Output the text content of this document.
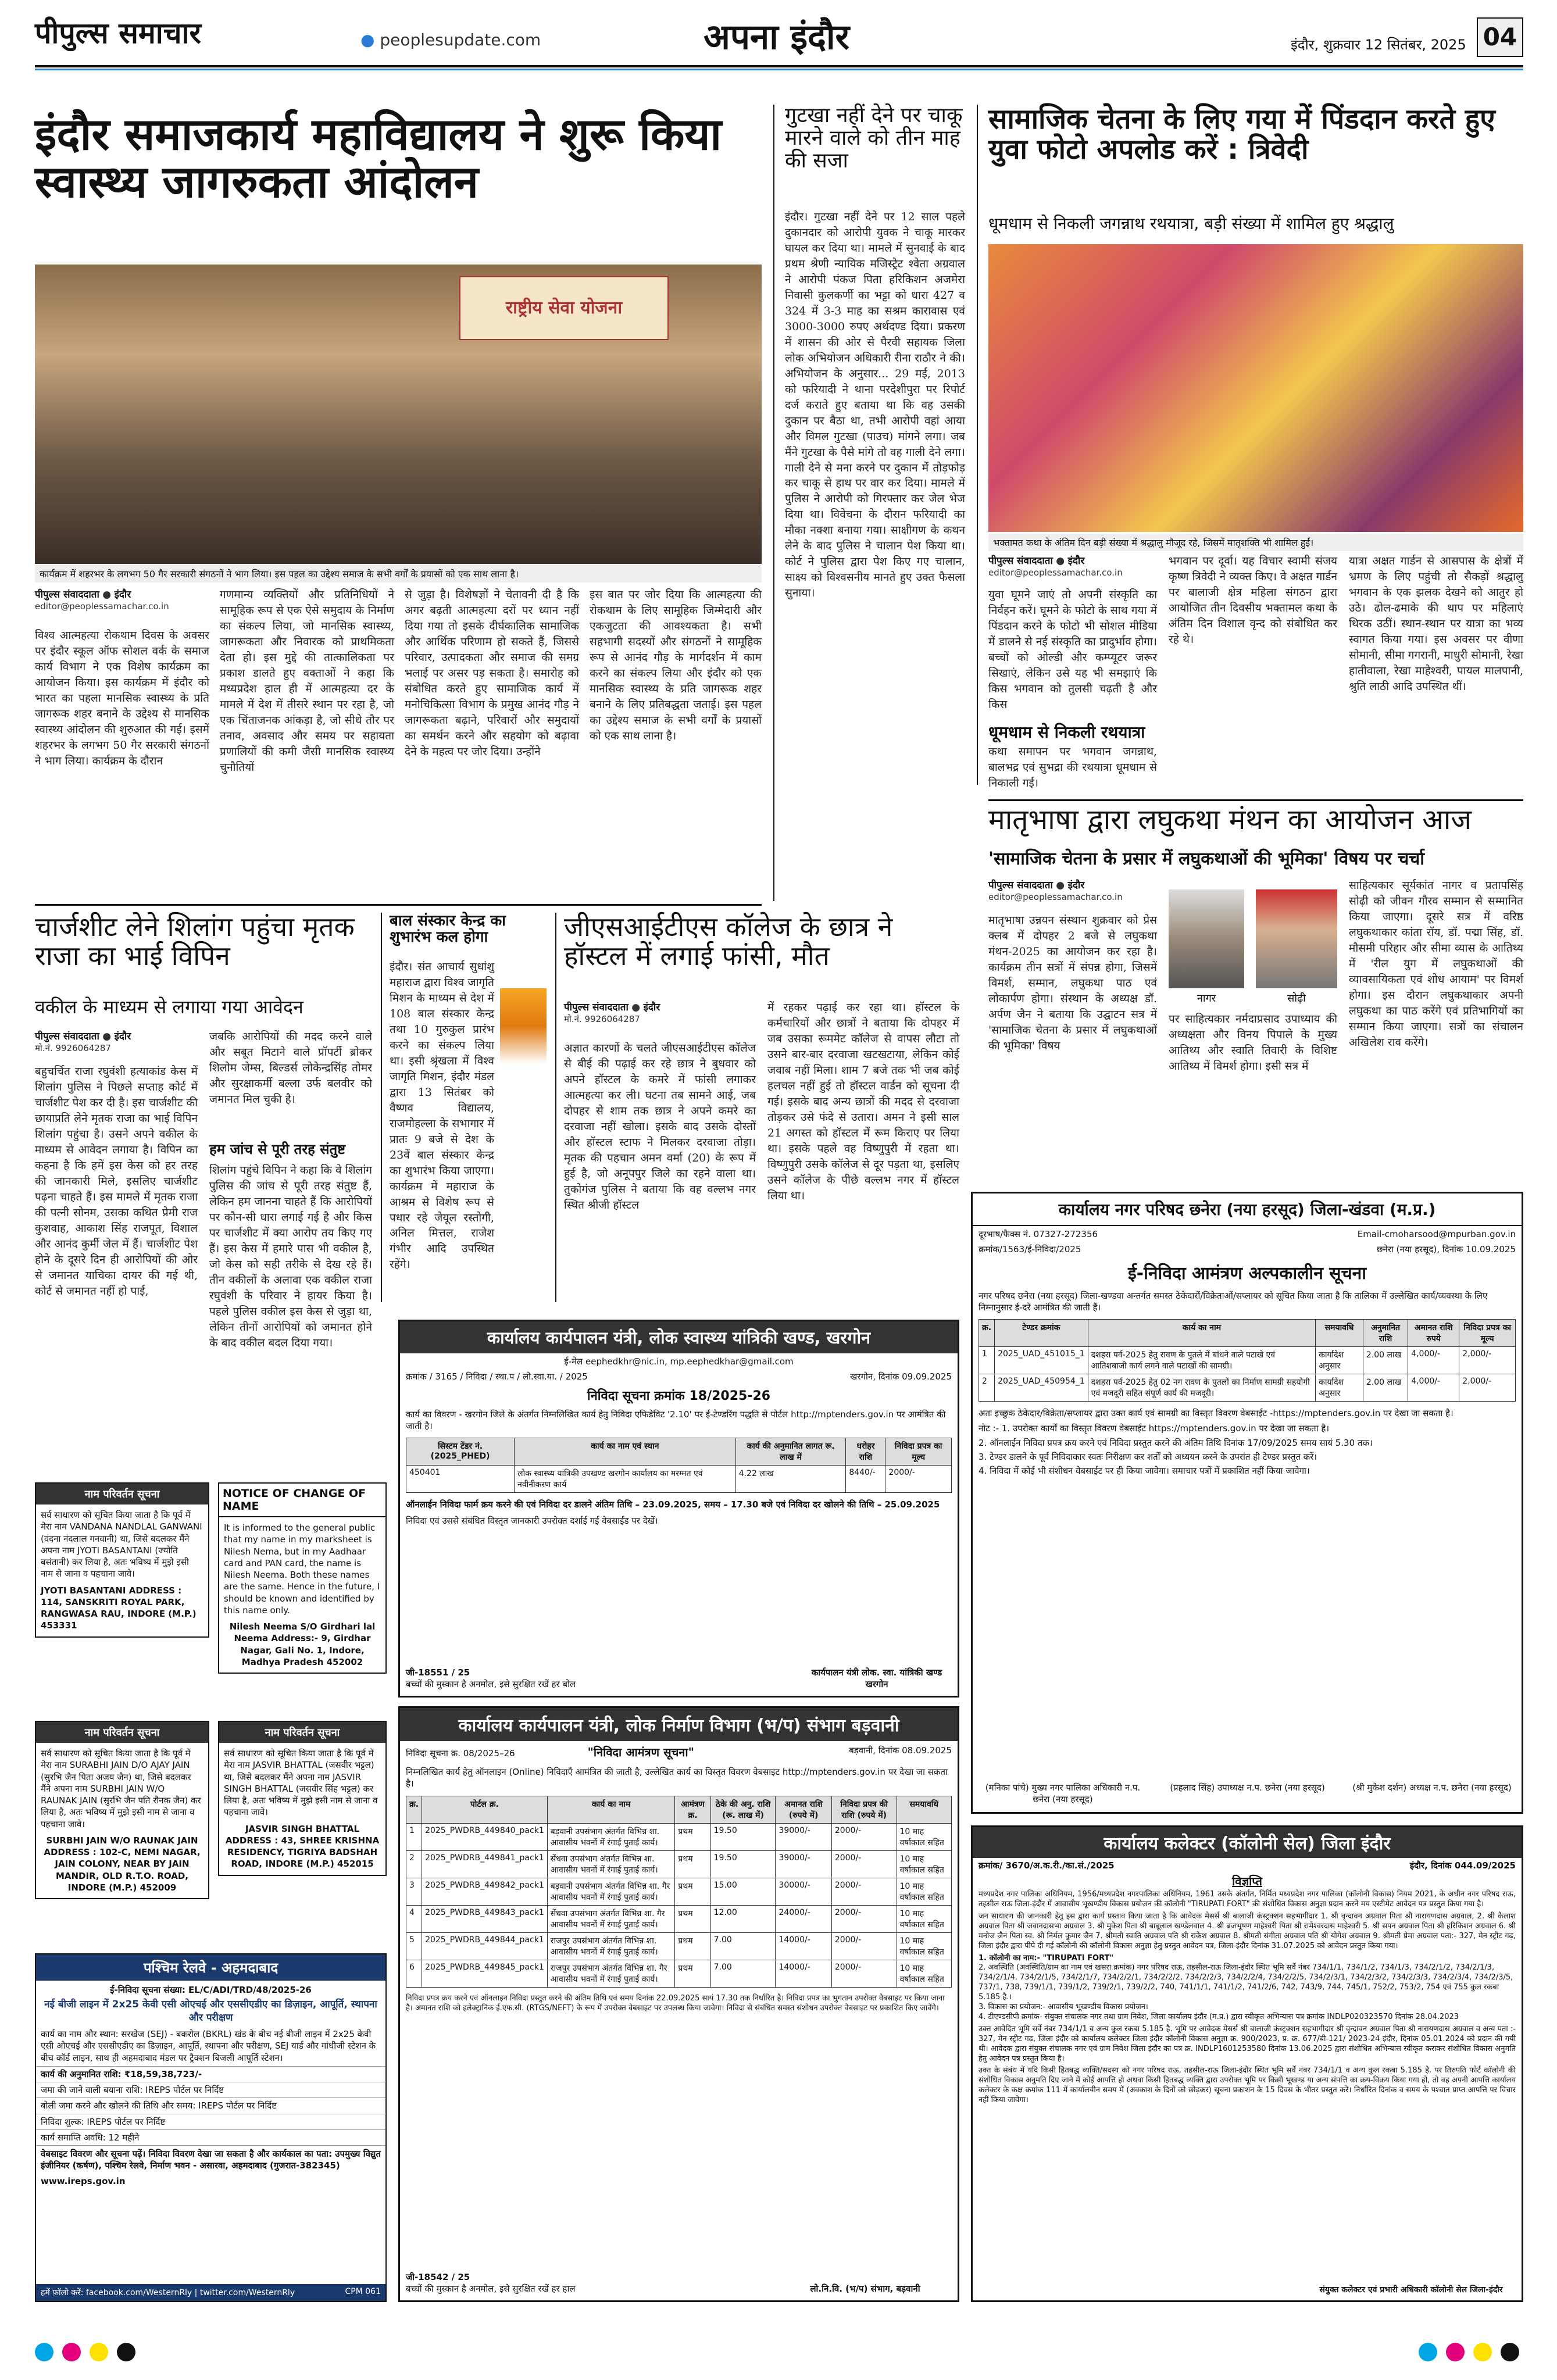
पीपुल्स समाचार	● peoplesupdate.com	अपना इंदौर	इंदौर, शुक्रवार 12 सितंबर, 2025 04
इंदौर समाजकार्य महाविद्यालय ने शुरू किया स्वास्थ्य जागरुकता आंदोलन
राष्ट्रीय सेवा योजना
कार्यक्रम में शहरभर के लगभग 50 गैर सरकारी संगठनों ने भाग लिया। इस पहल का उद्देश्य समाज के सभी वर्गों के प्रयासों को एक साथ लाना है।
पीपुल्स संवाददाता ● इंदौर
editor@peoplessamachar.co.in
विश्व आत्महत्या रोकथाम दिवस के अवसर पर इंदौर स्कूल ऑफ सोशल वर्क के समाज कार्य विभाग ने एक विशेष कार्यक्रम का आयोजन किया। इस कार्यक्रम में इंदौर को भारत का पहला मानसिक स्वास्थ्य के प्रति जागरूक शहर बनाने के उद्देश्य से मानसिक स्वास्थ्य आंदोलन की शुरुआत की गई। इसमें शहरभर के लगभग 50 गैर सरकारी संगठनों ने भाग लिया। कार्यक्रम के दौरान
गणमान्य व्यक्तियों और प्रतिनिधियों ने सामूहिक रूप से एक ऐसे समुदाय के निर्माण का संकल्प लिया, जो मानसिक स्वास्थ्य, जागरूकता और निवारक को प्राथमिकता देता हो। इस मुद्दे की तात्कालिकता पर प्रकाश डालते हुए वक्ताओं ने कहा कि मध्यप्रदेश हाल ही में आत्महत्या दर के मामले में देश में तीसरे स्थान पर रहा है, जो एक चिंताजनक आंकड़ा है, जो सीधे तौर पर तनाव, अवसाद और समय पर सहायता प्रणालियों की कमी जैसी मानसिक स्वास्थ्य चुनौतियों
से जुड़ा है। विशेषज्ञों ने चेतावनी दी है कि अगर बढ़ती आत्महत्या दरों पर ध्यान नहीं दिया गया तो इसके दीर्घकालिक सामाजिक और आर्थिक परिणाम हो सकते हैं, जिससे परिवार, उत्पादकता और समाज की समग्र भलाई पर असर पड़ सकता है। समारोह को संबोधित करते हुए सामाजिक कार्य में मनोचिकित्सा विभाग के प्रमुख आनंद गौड़ ने जागरूकता बढ़ाने, परिवारों और समुदायों का समर्थन करने और सहयोग को बढ़ावा देने के महत्व पर जोर दिया। उन्होंने
इस बात पर जोर दिया कि आत्महत्या की रोकथाम के लिए सामूहिक जिम्मेदारी और एकजुटता की आवश्यकता है। सभी सहभागी सदस्यों और संगठनों ने सामूहिक रूप से आनंद गौड़ के मार्गदर्शन में काम करने का संकल्प लिया और इंदौर को एक मानसिक स्वास्थ्य के प्रति जागरूक शहर बनाने के लिए प्रतिबद्धता जताई। इस पहल का उद्देश्य समाज के सभी वर्गों के प्रयासों को एक साथ लाना है।
गुटखा नहीं देने पर चाकू मारने वाले को तीन माह की सजा
इंदौर। गुटखा नहीं देने पर 12 साल पहले दुकानदार को आरोपी युवक ने चाकू मारकर घायल कर दिया था। मामले में सुनवाई के बाद प्रथम श्रेणी न्यायिक मजिस्ट्रेट श्वेता अग्रवाल ने आरोपी पंकज पिता हरिकिशन अजमेरा निवासी कुलकर्णी का भट्टा को धारा 427 व 324 में 3-3 माह का सश्रम कारावास एवं 3000-3000 रुपए अर्थदण्ड दिया। प्रकरण में शासन की ओर से पैरवी सहायक जिला लोक अभियोजन अधिकारी रीना राठौर ने की। अभियोजन के अनुसार... 29 मई, 2013 को फरियादी ने थाना परदेशीपुरा पर रिपोर्ट दर्ज कराते हुए बताया था कि वह उसकी दुकान पर बैठा था, तभी आरोपी वहां आया और विमल गुटखा (पाउच) मांगने लगा। जब मैंने गुटखा के पैसे मांगे तो वह गाली देने लगा। गाली देने से मना करने पर दुकान में तोड़फोड़ कर चाकू से हाथ पर वार कर दिया। मामले में पुलिस ने आरोपी को गिरफ्तार कर जेल भेज दिया था। विवेचना के दौरान फरियादी का मौका नक्शा बनाया गया। साक्षीगण के कथन लेने के बाद पुलिस ने चालान पेश किया था। कोर्ट ने पुलिस द्वारा पेश किए गए चालान, साक्ष्य को विश्वसनीय मानते हुए उक्त फैसला सुनाया।
सामाजिक चेतना के लिए गया में पिंडदान करते हुए युवा फोटो अपलोड करें : त्रिवेदी
धूमधाम से निकली जगन्नाथ रथयात्रा, बड़ी संख्या में शामिल हुए श्रद्धालु
भक्तामत कथा के अंतिम दिन बड़ी संख्या में श्रद्धालु मौजूद रहे, जिसमें मातृशक्ति भी शामिल हुईं।
पीपुल्स संवाददाता ● इंदौर
editor@peoplessamachar.co.in
युवा घूमने जाएं तो अपनी संस्कृति का निर्वहन करें। घूमने के फोटो के साथ गया में पिंडदान करने के फोटो भी सोशल मीडिया में डालने से नई संस्कृति का प्रादुर्भाव होगा। बच्चों को ओल्डी और कम्प्यूटर जरूर सिखाएं, लेकिन उसे यह भी समझाएं कि किस भगवान को तुलसी चढ़ती है और किस
धूमधाम से निकली रथयात्रा
कथा समापन पर भगवान जगन्नाथ, बालभद्र एवं सुभद्रा की रथयात्रा धूमधाम से निकाली गई।
भगवान पर दूर्वा। यह विचार स्वामी संजय कृष्ण त्रिवेदी ने व्यक्त किए। वे अक्षत गार्डन पर बालाजी क्षेत्र महिला संगठन द्वारा आयोजित तीन दिवसीय भक्तामल कथा के अंतिम दिन विशाल वृन्द को संबोधित कर रहे थे।
यात्रा अक्षत गार्डन से आसपास के क्षेत्रों में भ्रमण के लिए पहुंची तो सैकड़ों श्रद्धालु भगवान के एक झलक देखने को आतुर हो उठे। ढोल-ढमाके की थाप पर महिलाएं थिरक उठीं। स्थान-स्थान पर यात्रा का भव्य स्वागत किया गया। इस अवसर पर वीणा सोमानी, सीमा गगरानी, माधुरी सोमानी, रेखा हातीवाला, रेखा माहेश्वरी, पायल मालपानी, श्रुति लाठी आदि उपस्थित थीं।
मातृभाषा द्वारा लघुकथा मंथन का आयोजन आज
'सामाजिक चेतना के प्रसार में लघुकथाओं की भूमिका' विषय पर चर्चा
पीपुल्स संवाददाता ● इंदौर
editor@peoplessamachar.co.in
मातृभाषा उन्नयन संस्थान शुक्रवार को प्रेस क्लब में दोपहर 2 बजे से लघुकथा मंथन-2025 का आयोजन कर रहा है। कार्यक्रम तीन सत्रों में संपन्न होगा, जिसमें विमर्श, सम्मान, लघुकथा पाठ एवं लोकार्पण होगा। संस्थान के अध्यक्ष डॉ. अर्पण जैन ने बताया कि उद्घाटन सत्र में 'सामाजिक चेतना के प्रसार में लघुकथाओं की भूमिका' विषय
नागर	सोढ़ी
पर साहित्यकार नर्मदाप्रसाद उपाध्याय की अध्यक्षता और विनय पिपाले के मुख्य आतिथ्य और स्वाति तिवारी के विशिष्ट आतिथ्य में विमर्श होगा। इसी सत्र में
साहित्यकार सूर्यकांत नागर व प्रतापसिंह सोढ़ी को जीवन गौरव सम्मान से सम्मानित किया जाएगा। दूसरे सत्र में वरिष्ठ लघुकथाकार कांता रॉय, डॉ. पद्मा सिंह, डॉ. मौसमी परिहार और सीमा व्यास के आतिथ्य में 'रील युग में लघुकथाओं की व्यावसायिकता एवं शोध आयाम' पर विमर्श होगा। इस दौरान लघुकथाकार अपनी लघुकथा का पाठ करेंगे एवं प्रतिभागियों का सम्मान किया जाएगा। सत्रों का संचालन अखिलेश राव करेंगे।
चार्जशीट लेने शिलांग पहुंचा मृतक राजा का भाई विपिन
वकील के माध्यम से लगाया गया आवेदन
पीपुल्स संवाददाता ● इंदौर
मो.नं. 9926064287
बहुचर्चित राजा रघुवंशी हत्याकांड केस में शिलांग पुलिस ने पिछले सप्ताह कोर्ट में चार्जशीट पेश कर दी है। इस चार्जशीट की छायाप्रति लेने मृतक राजा का भाई विपिन शिलांग पहुंचा है। उसने अपने वकील के माध्यम से आवेदन लगाया है। विपिन का कहना है कि हमें इस केस को हर तरह की जानकारी मिले, इसलिए चार्जशीट पढ़ना चाहते हैं। इस मामले में मृतक राजा की पत्नी सोनम, उसका कथित प्रेमी राज कुशवाह, आकाश सिंह राजपूत, विशाल और आनंद कुर्मी जेल में हैं। चार्जशीट पेश होने के दूसरे दिन ही आरोपियों की ओर से जमानत याचिका दायर की गई थी, कोर्ट से जमानत नहीं हो पाई,
जबकि आरोपियों की मदद करने वाले और सबूत मिटाने वाले प्रॉपर्टी ब्रोकर शिलोम जेम्स, बिल्डर्स लोकेन्द्रसिंह तोमर और सुरक्षाकर्मी बल्ला उर्फ बलवीर को जमानत मिल चुकी है।
हम जांच से पूरी तरह संतुष्ट
शिलांग पहुंचे विपिन ने कहा कि वे शिलांग पुलिस की जांच से पूरी तरह संतुष्ट हैं, लेकिन हम जानना चाहते हैं कि आरोपियों पर कौन-सी धारा लगाई गई है और किस पर चार्जशीट में क्या आरोप तय किए गए हैं। इस केस में हमारे पास भी वकील है, जो केस को सही तरीके से देख रहे हैं। तीन वकीलों के अलावा एक वकील राजा रघुवंशी के परिवार ने हायर किया है। पहले पुलिस वकील इस केस से जुड़ा था, लेकिन तीनों आरोपियों को जमानत होने के बाद वकील बदल दिया गया।
बाल संस्कार केन्द्र का शुभारंभ कल होगा
इंदौर। संत आचार्य सुधांशु महाराज द्वारा विश्व जागृति मिशन के माध्यम से देश में 108 बाल संस्कार केन्द्र तथा 10 गुरुकुल प्रारंभ करने का संकल्प लिया था। इसी श्रृंखला में विश्व जागृति मिशन, इंदौर मंडल द्वारा 13 सितंबर को वैष्णव विद्यालय, राजमोहल्ला के सभागार में प्रातः 9 बजे से देश के 23वें बाल संस्कार केन्द्र का शुभारंभ किया जाएगा। कार्यक्रम में महाराज के आश्रम से विशेष रूप से पधार रहे जेयूल रस्तोगी, अनिल मित्तल, राजेश गंभीर आदि उपस्थित रहेंगे।
जीएसआईटीएस कॉलेज के छात्र ने हॉस्टल में लगाई फांसी, मौत
पीपुल्स संवाददाता ● इंदौर
मो.नं. 9926064287
अज्ञात कारणों के चलते जीएसआईटीएस कॉलेज से बीई की पढ़ाई कर रहे छात्र ने बुधवार को अपने हॉस्टल के कमरे में फांसी लगाकर आत्महत्या कर ली। घटना तब सामने आई, जब दोपहर से शाम तक छात्र ने अपने कमरे का दरवाजा नहीं खोला। इसके बाद उसके दोस्तों और हॉस्टल स्टाफ ने मिलकर दरवाजा तोड़ा। मृतक की पहचान अमन वर्मा (20) के रूप में हुई है, जो अनूपपुर जिले का रहने वाला था। तुकोगंज पुलिस ने बताया कि वह वल्लभ नगर स्थित श्रीजी हॉस्टल
में रहकर पढ़ाई कर रहा था। हॉस्टल के कर्मचारियों और छात्रों ने बताया कि दोपहर में जब उसका रूममेट कॉलेज से वापस लौटा तो उसने बार-बार दरवाजा खटखटाया, लेकिन कोई जवाब नहीं मिला। शाम 7 बजे तक भी जब कोई हलचल नहीं हुई तो हॉस्टल वार्डन को सूचना दी गई। इसके बाद अन्य छात्रों की मदद से दरवाजा तोड़कर उसे फंदे से उतारा। अमन ने इसी साल 21 अगस्त को हॉस्टल में रूम किराए पर लिया था। इसके पहले वह विष्णुपुरी में रहता था। विष्णुपुरी उसके कॉलेज से दूर पड़ता था, इसलिए उसने कॉलेज के पीछे वल्लभ नगर में हॉस्टल लिया था।
नाम परिवर्तन सूचना
सर्व साधारण को सूचित किया जाता है कि पूर्व में मेरा नाम VANDANA NANDLAL GANWANI (वंदना नंदलाल गनवानी) था, जिसे बदलकर मैंने अपना नाम JYOTI BASANTANI (ज्योति बसंतानी) कर लिया है, अतः भविष्य में मुझे इसी नाम से जाना व पहचाना जावे।
JYOTI BASANTANI ADDRESS : 114, SANSKRITI ROYAL PARK, RANGWASA RAU, INDORE (M.P.) 453331
NOTICE OF CHANGE OF NAME
It is informed to the general public that my name in my marksheet is Nilesh Nema, but in my Aadhaar card and PAN card, the name is Nilesh Neema. Both these names are the same. Hence in the future, I should be known and identified by this name only.
Nilesh Neema S/O Girdhari lal Neema Address:- 9, Girdhar Nagar, Gali No. 1, Indore, Madhya Pradesh 452002
नाम परिवर्तन सूचना
सर्व साधारण को सूचित किया जाता है कि पूर्व में मेरा नाम SURABHI JAIN D/O AJAY JAIN (सुरभि जैन पिता अजय जैन) था, जिसे बदलकर मैंने अपना नाम SURBHI JAIN W/O RAUNAK JAIN (सुरभि जैन पति रौनक जैन) कर लिया है, अतः भविष्य में मुझे इसी नाम से जाना व पहचाना जावे।
SURBHI JAIN W/O RAUNAK JAIN ADDRESS : 102-C, NEMI NAGAR, JAIN COLONY, NEAR BY JAIN MANDIR, OLD R.T.O. ROAD, INDORE (M.P.) 452009
नाम परिवर्तन सूचना
सर्व साधारण को सूचित किया जाता है कि पूर्व में मेरा नाम JASVIR BHATTAL (जसवीर भट्टल) था, जिसे बदलकर मैंने अपना नाम JASVIR SINGH BHATTAL (जसवीर सिंह भट्टल) कर लिया है, अतः भविष्य में मुझे इसी नाम से जाना व पहचाना जावे।
JASVIR SINGH BHATTAL ADDRESS : 43, SHREE KRISHNA RESIDENCY, TIGRIYA BADSHAH ROAD, INDORE (M.P.) 452015
पश्चिम रेलवे - अहमदाबाद
ई-निविदा सूचना संख्या: EL/C/ADI/TRD/48/2025-26
नई बीजी लाइन में 2x25 केवी एसी ओएचई और एससीएडीए का डिज़ाइन, आपूर्ति, स्थापना और परीक्षण
कार्य का नाम और स्थान: सरखेज (SEJ) - बकरोल (BKRL) खंड के बीच नई बीजी लाइन में 2x25 केवी एसी ओएचई और एससीएडीए का डिज़ाइन, आपूर्ति, स्थापना और परीक्षण, SEJ यार्ड और गांधीजी स्टेशन के बीच कॉर्ड लाइन, साथ ही अहमदाबाद मंडल पर ट्रैक्शन बिजली आपूर्ति स्टेशन।
कार्य की अनुमानित राशि: ₹18,59,38,723/-
जमा की जाने वाली बयाना राशि: IREPS पोर्टल पर निर्दिष्ट
बोली जमा करने और खोलने की तिथि और समय: IREPS पोर्टल पर निर्दिष्ट
निविदा शुल्क: IREPS पोर्टल पर निर्दिष्ट
कार्य समाप्ति अवधि: 12 महीने
वेबसाइट विवरण और सूचना पढ़ें। निविदा विवरण देखा जा सकता है और कार्यकाल का पता: उपमुख्य विद्युत इंजीनियर (कर्षण), पश्चिम रेलवे, निर्माण भवन - असारवा, अहमदाबाद (गुजरात-382345)
www.ireps.gov.in
हमें फ़ॉलो करें: facebook.com/WesternRly | twitter.com/WesternRly	CPM 061
कार्यालय कार्यपालन यंत्री, लोक स्वास्थ्य यांत्रिकी खण्ड, खरगोन
ई-मेल eephedkhr@nic.in, mp.eephedkhar@gmail.com
क्रमांक / 3165 / निविदा / स्था.प / लो.स्वा.या. / 2025	खरगोन, दिनांक 09.09.2025
निविदा सूचना क्रमांक 18/2025-26
कार्य का विवरण - खरगोन जिले के अंतर्गत निम्नलिखित कार्य हेतु निविदा एफिडेविट '2.10' पर ई-टेण्डरिंग पद्धति से पोर्टल http://mptenders.gov.in पर आमंत्रित की जाती है।
सिस्टम टेंडर नं. (2025_PHED)	कार्य का नाम एवं स्थान	कार्य की अनुमानित लागत रू. लाख में	धरोहर राशि	निविदा प्रपत्र का मूल्य
450401	लोक स्वास्थ्य यांत्रिकी उपखण्ड खरगोन कार्यालय का मरम्मत एवं नवीनीकरण कार्य	4.22 लाख	8440/-	2000/-
ऑनलाईन निविदा फार्म क्रय करने की एवं निविदा दर डालने अंतिम तिथि – 23.09.2025, समय – 17.30 बजे एवं निविदा दर खोलने की तिथि – 25.09.2025
निविदा एवं उससे संबंधित विस्तृत जानकारी उपरोक्त दर्शाई गई वेबसाईड पर देखें।
जी-18551 / 25
बच्चों की मुस्कान है अनमोल, इसे सुरक्षित रखें हर बोल
कार्यपालन यंत्री लोक. स्वा. यांत्रिकी खण्ड खरगोन
कार्यालय कार्यपालन यंत्री, लोक निर्माण विभाग (भ/प) संभाग बड़वानी
निविदा सूचना क्र. 08/2025–26	"निविदा आमंत्रण सूचना"	बड़वानी, दिनांक 08.09.2025
निम्नलिखित कार्य हेतु ऑनलाइन (Online) निविदाएँ आमंत्रित की जाती है, उल्लेखित कार्य का विस्तृत विवरण वेबसाइट http://mptenders.gov.in पर देखा जा सकता है।
क्र.	पोर्टल क्र.	कार्य का नाम	आमंत्रण क्र.	ठेके की अनु. राशि (रू. लाख में)	अमानत राशि (रुपये में)	निविदा प्रपत्र की राशि (रुपये में)	समयावधि
1	2025_PWDRB_449840_pack1	बड़वानी उपसंभाग अंतर्गत विभिन्न शा. आवासीय भवनों में रंगाई पुताई कार्य।	प्रथम	19.50	39000/-	2000/-	10 माह वर्षाकाल सहित
2	2025_PWDRB_449841_pack1	सेंधवा उपसंभाग अंतर्गत विभिन्न शा. आवासीय भवनों में रंगाई पुताई कार्य।	प्रथम	19.50	39000/-	2000/-	10 माह वर्षाकाल सहित
3	2025_PWDRB_449842_pack1	बड़वानी उपसंभाग अंतर्गत विभिन्न शा. गैर आवासीय भवनों में रंगाई पुताई कार्य।	प्रथम	15.00	30000/-	2000/-	10 माह वर्षाकाल सहित
4	2025_PWDRB_449843_pack1	सेंधवा उपसंभाग अंतर्गत विभिन्न शा. गैर आवासीय भवनों में रंगाई पुताई कार्य।	प्रथम	12.00	24000/-	2000/-	10 माह वर्षाकाल सहित
5	2025_PWDRB_449844_pack1	राजपुर उपसंभाग अंतर्गत विभिन्न शा. आवासीय भवनों में रंगाई पुताई कार्य।	प्रथम	7.00	14000/-	2000/-	10 माह वर्षाकाल सहित
6	2025_PWDRB_449845_pack1	राजपुर उपसंभाग अंतर्गत विभिन्न शा. गैर आवासीय भवनों में रंगाई पुताई कार्य।	प्रथम	7.00	14000/-	2000/-	10 माह वर्षाकाल सहित
निविदा प्रपत्र क्रय करने एवं ऑनलाइन निविदा प्रस्तुत करने की अंतिम तिथि एवं समय दिनांक 22.09.2025 सायं 17.30 तक निर्धारित है। निविदा प्रपत्र का भुगतान उपरोक्त वेबसाइट पर किया जाना है। अमानत राशि को इलेक्ट्रानिक ई.एफ.सी. (RTGS/NEFT) के रूप में उपरोक्त वेबसाइट पर उपलब्ध किया जावेगा। निविदा से संबंधित समस्त संशोधन उपरोक्त वेबसाइट पर प्रकाशित किए जावेंगे।
जी-18542 / 25
बच्चों की मुस्कान है अनमोल, इसे सुरक्षित रखें हर हाल	लो.नि.वि. (भ/प) संभाग, बड़वानी
कार्यालय नगर परिषद छनेरा (नया हरसूद) जिला-खंडवा (म.प्र.)
दूरभाष/फैक्स नं. 07327-272356	Email-cmoharsood@mpurban.gov.in
क्रमांक/1563/ई-निविदा/2025	छनेरा (नया हरसूद), दिनांक 10.09.2025
ई-निविदा आमंत्रण अल्पकालीन सूचना
नगर परिषद छनेरा (नया हरसूद) जिला-खण्डवा अन्तर्गत समस्त ठेकेदारों/विक्रेताओं/सप्लायर को सूचित किया जाता है कि तालिका में उल्लेखित कार्य/व्यवस्था के लिए निम्नानुसार ई-दरें आमंत्रित की जाती हैं।
क्र.	टेण्डर क्रमांक	कार्य का नाम	समयावधि	अनुमानित राशि	अमानत राशि रुपये	निविदा प्रपत्र का मूल्य
1	2025_UAD_451015_1	दशहरा पर्व-2025 हेतु रावण के पुतले में बांधने वाले पटाखे एवं आतिशबाजी कार्य लगने वाले पटाखों की सामग्री।	कार्यादेश अनुसार	2.00 लाख	4,000/-	2,000/-
2	2025_UAD_450954_1	दशहरा पर्व-2025 हेतु 02 नग रावण के पुतलों का निर्माण सामग्री सहयोगी एवं मजदूरी सहित संपूर्ण कार्य की मजदूरी।	कार्यादेश अनुसार	2.00 लाख	4,000/-	2,000/-
अतः इच्छुक ठेकेदार/विक्रेता/सप्लायर द्वारा उक्त कार्य एवं सामग्री का विस्तृत विवरण वेबसाईट -https://mptenders.gov.in पर देखा जा सकता है।
नोट :- 1. उपरोक्त कार्यों का विस्तृत विवरण वेबसाईट https://mptenders.gov.in पर देखा जा सकता है।
2. ऑनलाईन निविदा प्रपत्र क्रय करने एवं निविदा प्रस्तुत करने की अंतिम तिथि दिनांक 17/09/2025 समय सायं 5.30 तक।
3. टेण्डर डालने के पूर्व निविदाकार स्वतः निरीक्षण कर शर्तों को अध्ययन करने के उपरांत ही टेण्डर प्रस्तुत करें।
4. निविदा में कोई भी संशोधन वेबसाईट पर ही किया जावेगा। समाचार पत्रों में प्रकाशित नहीं किया जावेगा।
(मनिका पांचे) मुख्य नगर पालिका अधिकारी न.प. छनेरा (नया हरसूद)
(प्रहलाद सिंह) उपाध्यक्ष न.प. छनेरा (नया हरसूद)	(श्री मुकेश दर्शन) अध्यक्ष न.प. छनेरा (नया हरसूद)
कार्यालय कलेक्टर (कॉलोनी सेल) जिला इंदौर
क्रमांक/ 3670/अ.क.री./का.सं./2025	इंदौर, दिनांक 044.09/2025
विज्ञप्ति
मध्यप्रदेश नगर पालिका अधिनियम, 1956/मध्यप्रदेश नगरपालिका अधिनियम, 1961 उसके अंतर्गत, निर्मित मध्यप्रदेश नगर पालिका (कॉलोनी विकास) नियम 2021, के अधीन नगर परिषद राऊ, तहसील राऊ जिला-इंदौर में आवासीय भूखण्डीय विकास प्रयोजन की कॉलोनी "TIRUPATI FORT" की संशोधित विकास अनुज्ञा प्रदान करने मय एस्टीमेट आवेदन पत्र प्रस्तुत किया गया है।
जन साधारण की जानकारी हेतु इस द्वारा कार्य प्रस्ताव किया जाता है कि आवेदक मेसर्स श्री बालाजी कंस्ट्रक्शन सहभागीदार 1. श्री वृन्दावन अग्रवाल पिता श्री नारायणदास अग्रवाल, 2. श्री कैलाश अग्रवाल पिता श्री जवानदासभा अग्रवाल 3. श्री मुकेश पिता श्री बाबूलाल खण्डेलवाल 4. श्री ब्रजभूषण माहेश्वरी पिता श्री रामेश्वरदास माहेश्वरी 5. श्री सपन अग्रवाल पिता श्री हरिकिशन अग्रवाल 6. श्री मनोज जैन पिता स्व. श्री निर्मल कुमार जैन 7. श्रीमती स्वाति अग्रवाल पति श्री राकेश अग्रवाल 8. श्रीमती संगीता अग्रवाल पति श्री योगेश अग्रवाल 9. श्रीमती प्रेमा अग्रवाल पता:- 327, मेन स्ट्रीट गढ़, जिला इंदौर द्वारा पीपे दी गई कॉलोनी की कॉलोनी विकास अनुज्ञा हेतु प्रस्तुत आवेदन पत्र, जिला-इंदौर दिनांक 31.07.2025 को आवेदन प्रस्तुत किया गया।
1. कॉलोनी का नाम:- "TIRUPATI FORT"
2. अवस्थिति (अवस्थिति/ग्राम का नाम एवं खसरा क्रमांक) नगर परिषद राऊ, तहसील-राऊ जिला-इंदौर स्थित भूमि सर्वे नंबर 734/1/1, 734/1/2, 734/1/3, 734/2/1/2, 734/2/1/3, 734/2/1/4, 734/2/1/5, 734/2/1/7, 734/2/2/1, 734/2/2/2, 734/2/2/3, 734/2/2/4, 734/2/2/5, 734/2/3/1, 734/2/3/2, 734/2/3/3, 734/2/3/4, 734/2/3/5, 737/1, 738, 739/1/1, 739/1/2, 739/2/1, 739/2/2, 740, 741/1/1, 741/1/2, 741/2/6, 742, 743/9, 744, 745/1, 752/2, 753/2, 754 एवं 755 कुल रकबा 5.185 है.।
3. विकास का प्रयोजन:- आवासीय भूखण्डीय विकास प्रयोजन।
4. टीएण्डसीपी क्रमांक- संयुक्त संचालक नगर तथा ग्राम निवेश, जिला कार्यालय इंदौर (म.प्र.) द्वारा स्वीकृत अभिन्यास पत्र क्रमांक INDLP020323570 दिनांक 28.04.2023
उक्त आवेदित भूमि सर्वे नंबर 734/1/1 व अन्य कुल रकबा 5.185 है. भूमि पर आवेदक मेसर्स श्री बालाजी कंस्ट्रक्शन सहभागीदार श्री वृन्दावन अग्रवाल पिता श्री नारायणदास अग्रवाल व अन्य पता :- 327, मेन स्ट्रीट गढ़, जिला इंदौर को कार्यालय कलेक्टर जिला इंदौर कॉलोनी विकास अनुज्ञा क्र. 900/2023, प्र. क्र. 677/बी-121/ 2023-24 इंदौर, दिनांक 05.01.2024 को प्रदान की गयी थी। आवेदक द्वारा संयुक्त संचालक नगर एवं ग्राम निवेश जिला इंदौर का पत्र क्र. INDLP1601253580 दिनांक 13.06.2025 द्वारा संशोधित अभिन्यास स्वीकृत कराकर संशोधित विकास अनुमति हेतु आवेदन पत्र प्रस्तुत किया है।
उक्त के संबंध में यदि किसी हितबद्ध व्यक्ति/सदस्य को नगर परिषद राऊ, तहसील-राऊ जिला-इंदौर स्थित भूमि सर्वे नंबर 734/1/1 व अन्य कुल रकबा 5.185 है. पर तिरुपति फोर्ट कॉलोनी की संशोधित विकास अनुमति दिए जाने में कोई आपत्ति हो अथवा किसी हितबद्ध व्यक्ति द्वारा उपरोक्त भूमि पर किसी भूखण्ड या अन्य संपत्ति का क्रय-विक्रय किया गया हो, तो वह अपनी आपत्ति कार्यालय कलेक्टर के कक्ष क्रमांक 111 में कार्यालयीन समय में (अवकाश के दिनों को छोड़कर) सूचना प्रकाशन के 15 दिवस के भीतर प्रस्तुत करें। निर्धारित दिनांक व समय के पश्चात प्राप्त आपत्ति पर विचार नहीं किया जावेगा।
संयुक्त कलेक्टर एवं प्रभारी अधिकारी कॉलोनी सेल जिला-इंदौर
